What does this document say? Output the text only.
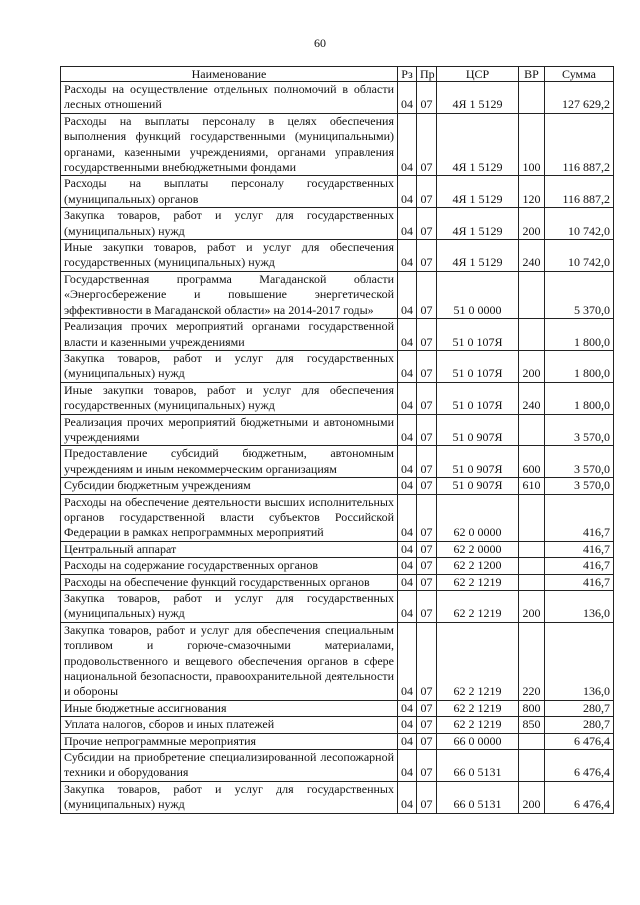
60
Наименование	Рз	Пр	ЦСР	ВР	Сумма
Расходы на осуществление отдельных полномочий в области лесных отношений	04	07	4Я 1 5129		127 629,2
Расходы на выплаты персоналу в целях обеспечения выполнения функций государственными (муниципальными) органами, казенными учреждениями, органами управления государственными внебюджетными фондами	04	07	4Я 1 5129	100	116 887,2
Расходы на выплаты персоналу государственных (муниципальных) органов	04	07	4Я 1 5129	120	116 887,2
Закупка товаров, работ и услуг для государственных (муниципальных) нужд	04	07	4Я 1 5129	200	10 742,0
Иные закупки товаров, работ и услуг для обеспечения государственных (муниципальных) нужд	04	07	4Я 1 5129	240	10 742,0
Государственная программа Магаданской области «Энергосбережение и повышение энергетической эффективности в Магаданской области» на 2014-2017 годы»	04	07	51 0 0000		5 370,0
Реализация прочих мероприятий органами государственной власти и казенными учреждениями	04	07	51 0 107Я		1 800,0
Закупка товаров, работ и услуг для государственных (муниципальных) нужд	04	07	51 0 107Я	200	1 800,0
Иные закупки товаров, работ и услуг для обеспечения государственных (муниципальных) нужд	04	07	51 0 107Я	240	1 800,0
Реализация прочих мероприятий бюджетными и автономными учреждениями	04	07	51 0 907Я		3 570,0
Предоставление субсидий бюджетным, автономным учреждениям и иным некоммерческим организациям	04	07	51 0 907Я	600	3 570,0
Субсидии бюджетным учреждениям	04	07	51 0 907Я	610	3 570,0
Расходы на обеспечение деятельности высших исполнительных органов государственной власти субъектов Российской Федерации в рамках непрограммных мероприятий	04	07	62 0 0000		416,7
Центральный аппарат	04	07	62 2 0000		416,7
Расходы на содержание государственных органов	04	07	62 2 1200		416,7
Расходы на обеспечение функций государственных органов	04	07	62 2 1219		416,7
Закупка товаров, работ и услуг для государственных (муниципальных) нужд	04	07	62 2 1219	200	136,0
Закупка товаров, работ и услуг для обеспечения специальным топливом и горюче-смазочными материалами, продовольственного и вещевого обеспечения органов в сфере национальной безопасности, правоохранительной деятельности и обороны	04	07	62 2 1219	220	136,0
Иные бюджетные ассигнования	04	07	62 2 1219	800	280,7
Уплата налогов, сборов и иных платежей	04	07	62 2 1219	850	280,7
Прочие непрограммные мероприятия	04	07	66 0 0000		6 476,4
Субсидии на приобретение специализированной лесопожарной техники и оборудования	04	07	66 0 5131		6 476,4
Закупка товаров, работ и услуг для государственных (муниципальных) нужд	04	07	66 0 5131	200	6 476,4
